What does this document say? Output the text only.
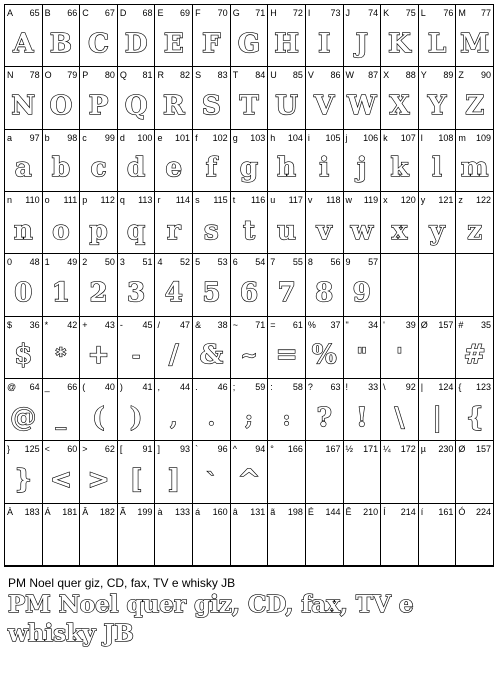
A 65
A
B 66
B
C 67
C
D 68
D
E 69
E
F 70
F
G 71
G
H 72
H
I 73
I
J 74
J
K 75
K
L 76
L
M 77
M
N 78
N
O 79
O
P 80
P
Q 81
Q
R 82
R
S 83
S
T 84
T
U 85
U
V 86
V
W 87
W
X 88
X
Y 89
Y
Z 90
Z
a 97
a
b 98
b
c 99
c
d 100
d
e 101
e
f 102
f
g 103
g
h 104
h
i 105
i
j 106
j
k 107
k
l 108
l
m 109
m
n 110
n
o 111
o
p 112
p
q 113
q
r 114
r
s 115
s
t 116
t
u 117
u
v 118
v
w 119
w
x 120
x
y 121
y
z 122
z
0 48
0
1 49
1
2 50
2
3 51
3
4 52
4
5 53
5
6 54
6
7 55
7
8 56
8
9 57
9
$ 36
$
* 42
*
+ 43
+
- 45
-
/ 47
/
& 38
&
~ 71
~
= 61
=
% 37
%
" 34
"
' 39
'
Ø 157 # 35
#
@ 64
@
_ 66
_
( 40
(
) 41
)
, 44
,
. 46
.
; 59
;
: 58
:
? 63
?
! 33
!
\ 92
\
| 124
|
{ 123
{
} 125
}
< 60
<
> 62
>
[ 91
[
] 93
]
` 96
`
^ 94
^
° 166	167 ½ 171 ¼ 172 µ 230 Ø 157
À 183 Á 181 Â 182 Ã 199 à 133 á 160 â 131 ã 198 É 144 Ê 210 Í 214 í 161 Ó 224
PM Noel quer giz, CD, fax, TV e whisky JB
PM Noel quer giz, CD, fax, TV e whisky JB
